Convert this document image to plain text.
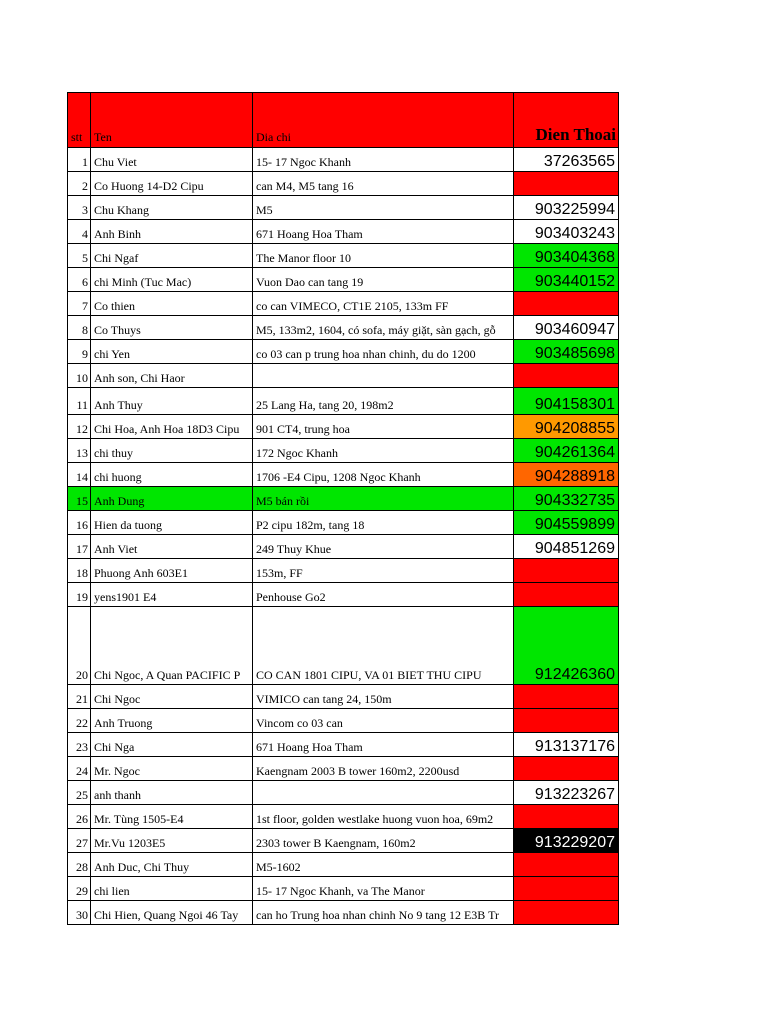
stt	Ten	Dia chi	Dien Thoai
1	Chu Viet	15- 17 Ngoc Khanh	37263565
2	Co Huong 14-D2 Cipu	can M4, M5 tang 16	902169018
3	Chu Khang	M5	903225994
4	Anh Binh	671 Hoang Hoa Tham	903403243
5	Chi Ngaf	The Manor floor 10	903404368
6	chi Minh (Tuc Mac)	Vuon Dao can tang 19	903440152
7	Co thien	co can VIMECO, CT1E 2105, 133m FF	903442824
8	Co Thuys	M5, 133m2, 1604, có sofa, máy giặt, sàn gạch, gỗ	903460947
9	chi Yen	co 03 can p trung hoa nhan chinh, du do 1200	903485698
10	Anh son, Chi Haor		904114126
11	Anh Thuy	25 Lang Ha, tang 20, 198m2	904158301
12	Chi Hoa, Anh Hoa 18D3 Cipu	901 CT4, trung hoa	904208855
13	chi thuy	172 Ngoc Khanh	904261364
14	chi huong	1706 -E4 Cipu, 1208 Ngoc Khanh	904288918
15	Anh Dung	M5 bán rồi	904332735
16	Hien da tuong	P2 cipu 182m, tang 18	904559899
17	Anh Viet	249 Thuy Khue	904851269
18	Phuong Anh 603E1	153m, FF	912006165
19	yens1901 E4	Penhouse Go2	912147061
20	Chi Ngoc, A Quan PACIFIC P	CO CAN 1801 CIPU, VA 01 BIET THU CIPU	912426360
21	Chi Ngoc	VIMICO can tang 24, 150m	912468287
22	Anh Truong	Vincom co 03 can	912596993
23	Chi Nga	671 Hoang Hoa Tham	913137176
24	Mr. Ngoc	Kaengnam 2003 B tower 160m2, 2200usd	913218788
25	anh thanh		913223267
26	Mr. Tùng 1505-E4	1st floor, golden westlake huong vuon hoa, 69m2	913225731
27	Mr.Vu 1203E5	2303 tower B Kaengnam, 160m2	913229207
28	Anh Duc, Chi Thuy	M5-1602	913234814
29	chi lien	15- 17 Ngoc Khanh, va The Manor	913237650
30	Chi Hien, Quang Ngoi 46 Tay	can ho Trung hoa nhan chinh No 9 tang 12 E3B Tr	913246666
